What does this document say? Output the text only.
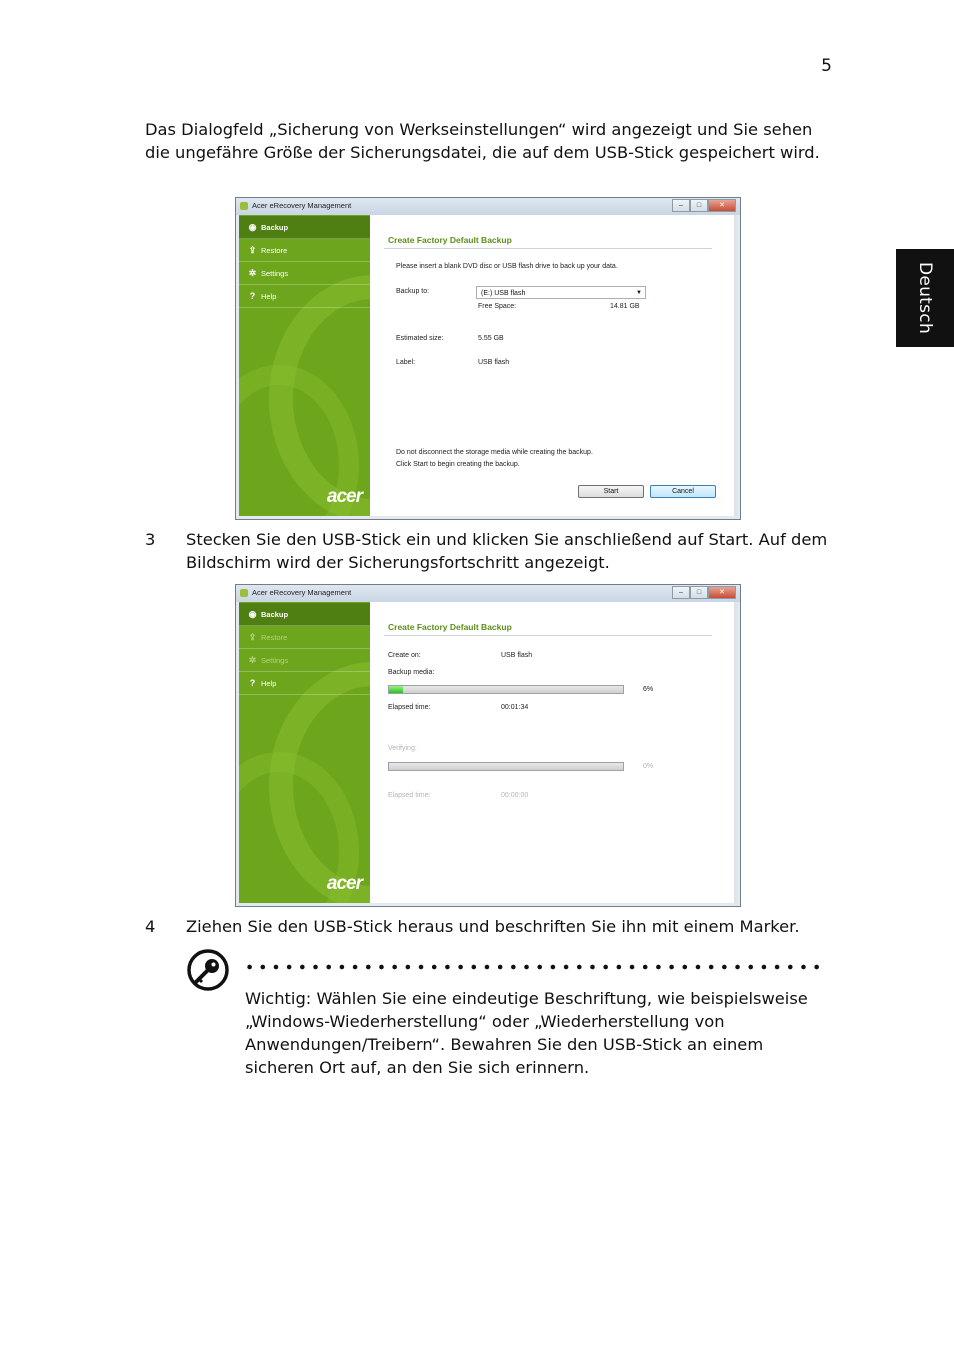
5
Deutsch
Das Dialogfeld „Sicherung von Werkseinstellungen“ wird angezeigt und Sie sehen die ungefähre Größe der Sicherungsdatei, die auf dem USB-Stick gespeichert wird.
Acer eRecovery Management	–	□	✕
◉ Backup
⇪ Restore
✲ Settings
? Help
acer
Create Factory Default Backup
Please insert a blank DVD disc or USB flash drive to back up your data.
Backup to:	(E:) USB flash	▼
Free Space:	14.81 GB
Estimated size:	5.55 GB
Label:	USB flash
Do not disconnect the storage media while creating the backup.
Click Start to begin creating the backup.
Start	Cancel
3 Stecken Sie den USB-Stick ein und klicken Sie anschließend auf Start. Auf dem Bildschirm wird der Sicherungsfortschritt angezeigt.
Acer eRecovery Management	–	□	✕
◉ Backup
⇪ Restore
✲ Settings
? Help
acer
Create Factory Default Backup
Create on:	USB flash
Backup media:
6%
Elapsed time:	00:01:34
Verifying:
0%
Elapsed time:	00:00:00
4 Ziehen Sie den USB-Stick heraus und beschriften Sie ihn mit einem Marker.
Wichtig: Wählen Sie eine eindeutige Beschriftung, wie beispielsweise „Windows-Wiederherstellung“ oder „Wiederherstellung von Anwendungen/Treibern“. Bewahren Sie den USB-Stick an einem sicheren Ort auf, an den Sie sich erinnern.
